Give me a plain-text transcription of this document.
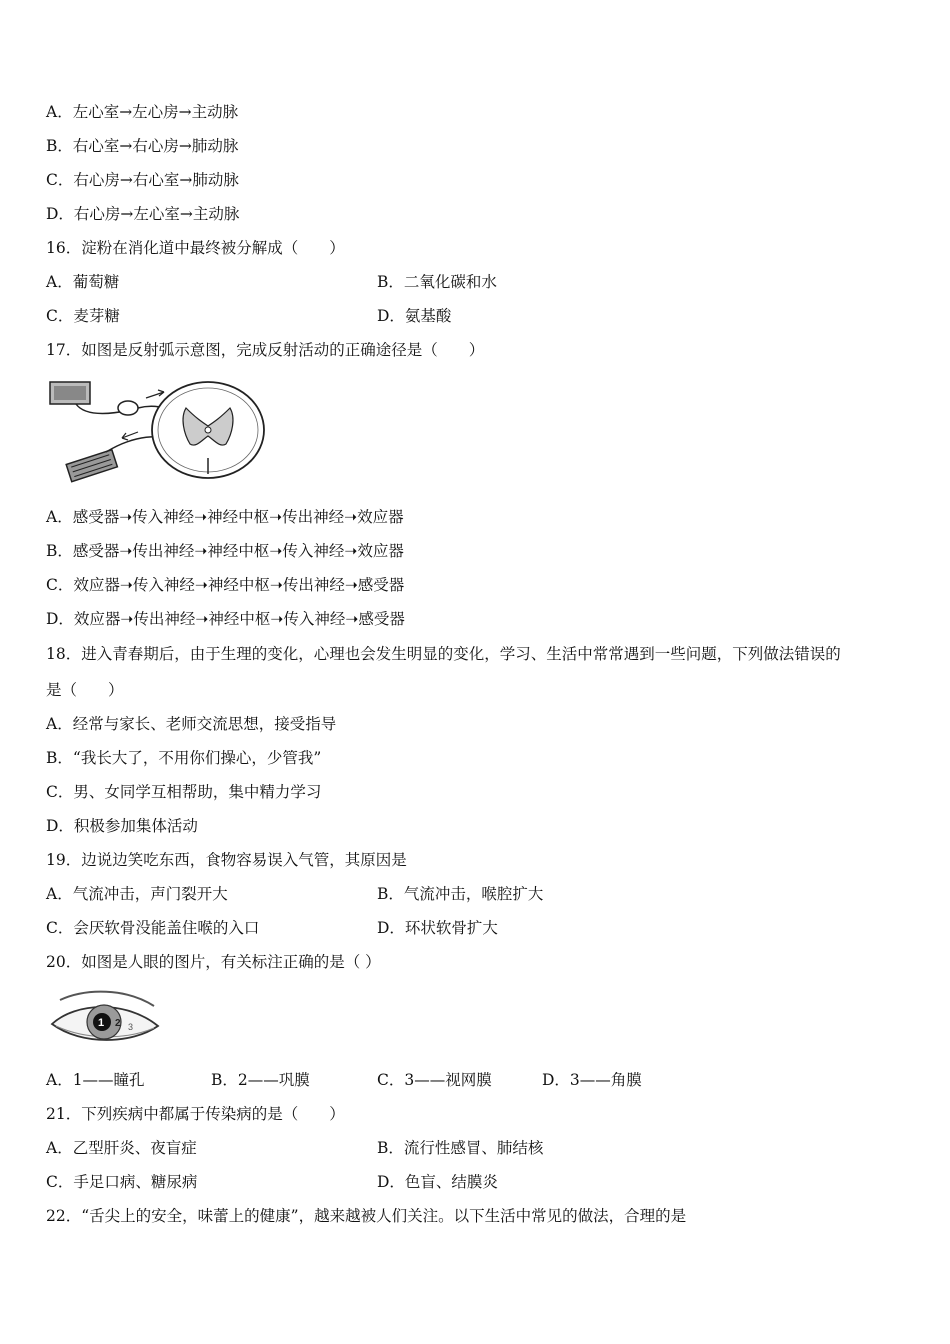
A．左心室→左心房→主动脉
B．右心室→右心房→肺动脉
C．右心房→右心室→肺动脉
D．右心房→左心室→主动脉
16．淀粉在消化道中最终被分解成（　　）
A．葡萄糖	B．二氧化碳和水
C．麦芽糖	D．氨基酸
17．如图是反射弧示意图，完成反射活动的正确途径是（　　）
A．感受器➝传入神经➝神经中枢➝传出神经➝效应器
B．感受器➝传出神经➝神经中枢➝传入神经➝效应器
C．效应器➝传入神经➝神经中枢➝传出神经➝感受器
D．效应器➝传出神经➝神经中枢➝传入神经➝感受器
18．进入青春期后，由于生理的变化，心理也会发生明显的变化，学习、生活中常常遇到一些问题，下列做法错误的
是（　　）
A．经常与家长、老师交流思想，接受指导
B．“我长大了，不用你们操心，少管我”
C．男、女同学互相帮助，集中精力学习
D．积极参加集体活动
19．边说边笑吃东西，食物容易误入气管，其原因是
A．气流冲击，声门裂开大	B．气流冲击，喉腔扩大
C．会厌软骨没能盖住喉的入口	D．环状软骨扩大
20．如图是人眼的图片，有关标注正确的是（ ）
1 2 3
A．1——瞳孔	B．2——巩膜	C．3——视网膜	D．3——角膜
21．下列疾病中都属于传染病的是（　　）
A．乙型肝炎、夜盲症	B．流行性感冒、肺结核
C．手足口病、糖尿病	D．色盲、结膜炎
22．“舌尖上的安全，味蕾上的健康”，越来越被人们关注。以下生活中常见的做法，合理的是
